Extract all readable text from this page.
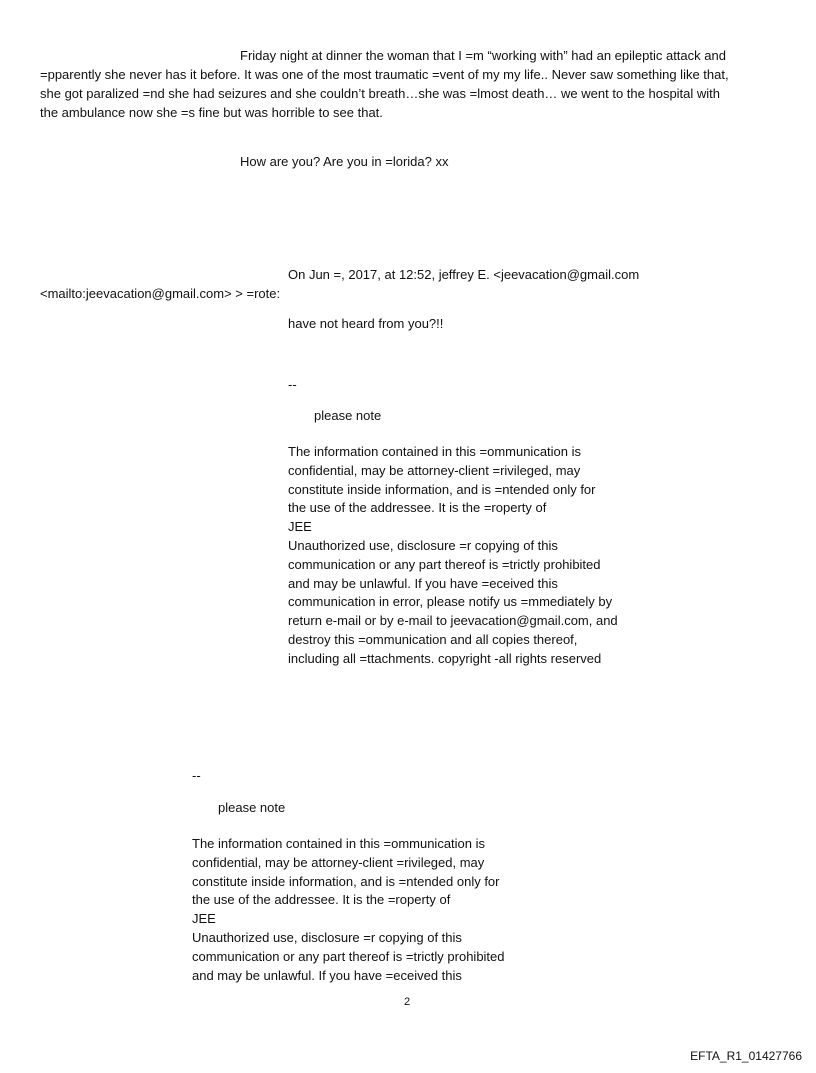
Friday night at dinner the woman that I =m “working with” had an epileptic attack and
=pparently she never has it before. It was one of the most traumatic =vent of my my life.. Never saw something like that,
she got paralized =nd she had seizures and she couldn’t breath…she was =lmost death… we went to the hospital with
the ambulance now she =s fine but was horrible to see that.
How are you? Are you in =lorida? xx
On Jun =, 2017, at 12:52, jeffrey E. <jeevacation@gmail.com
<mailto:jeevacation@gmail.com> > =rote:
have not heard from you?!!
--
please note
The information contained in this =ommunication is
confidential, may be attorney-client =rivileged, may
constitute inside information, and is =ntended only for
the use of the addressee. It is the =roperty of
JEE
Unauthorized use, disclosure =r copying of this
communication or any part thereof is =trictly prohibited
and may be unlawful. If you have =eceived this
communication in error, please notify us =mmediately by
return e-mail or by e-mail to jeevacation@gmail.com, and
destroy this =ommunication and all copies thereof,
including all =ttachments. copyright -all rights reserved
--
please note
The information contained in this =ommunication is
confidential, may be attorney-client =rivileged, may
constitute inside information, and is =ntended only for
the use of the addressee. It is the =roperty of
JEE
Unauthorized use, disclosure =r copying of this
communication or any part thereof is =trictly prohibited
and may be unlawful. If you have =eceived this
2
EFTA_R1_01427766
